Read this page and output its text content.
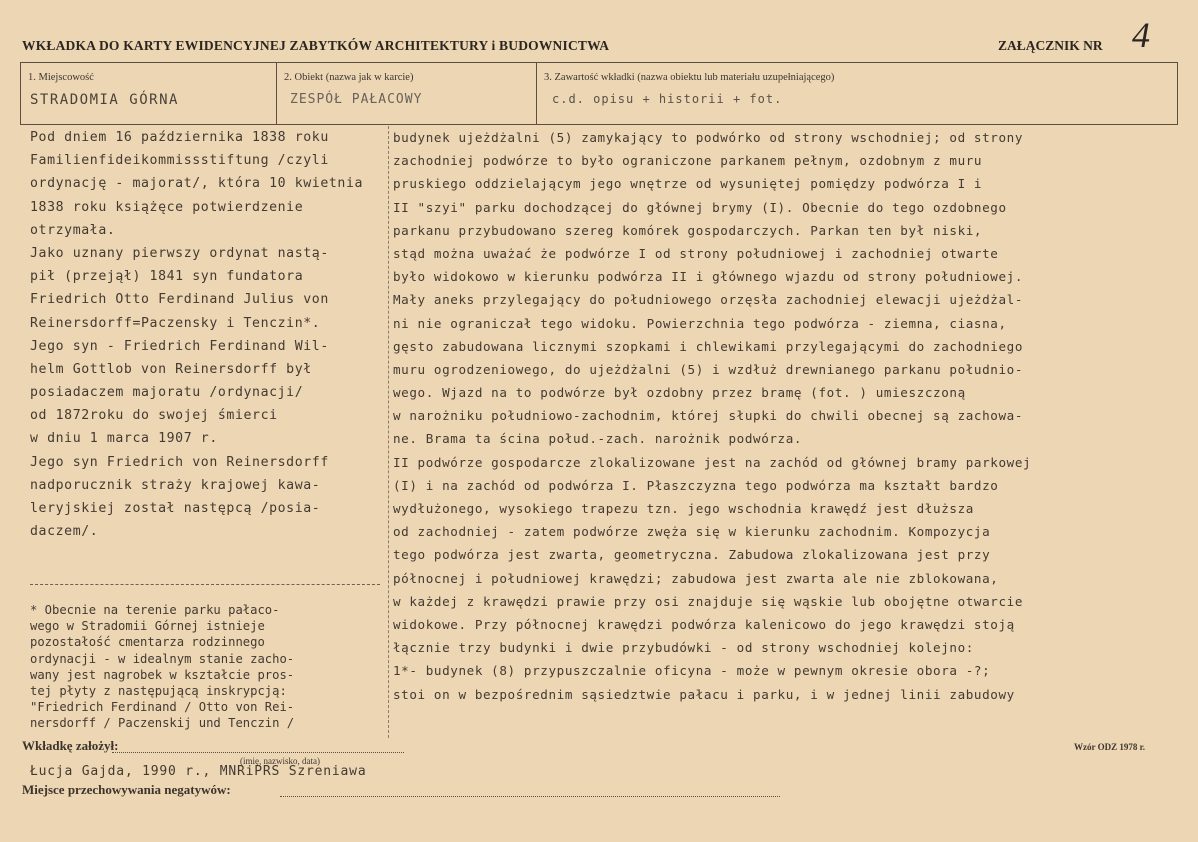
WKŁADKA DO KARTY EWIDENCYJNEJ ZABYTKÓW ARCHITEKTURY i BUDOWNICTWA	ZAŁĄCZNIK NR 4
1. Miejscowość
STRADOMIA GÓRNA
2. Obiekt (nazwa jak w karcie)
ZESPÓŁ PAŁACOWY
3. Zawartość wkładki (nazwa obiektu lub materiału uzupełniającego)
c.d. opisu + historii + fot.
Pod dniem 16 października 1838 roku
Familienfideikommissstiftung /czyli
ordynację - majorat/, która 10 kwietnia
1838 roku książęce potwierdzenie
otrzymała.
Jako uznany pierwszy ordynat nastą-
pił (przejął) 1841 syn fundatora
Friedrich Otto Ferdinand Julius von
Reinersdorff=Paczensky i Tenczin*.
Jego syn - Friedrich Ferdinand Wil-
helm Gottlob von Reinersdorff był
posiadaczem majoratu /ordynacji/
od 1872roku do swojej śmierci
w dniu 1 marca 1907 r.
Jego syn Friedrich von Reinersdorff
nadporucznik straży krajowej kawa-
leryjskiej został następcą /posia-
daczem/.
* Obecnie na terenie parku pałaco-
wego w Stradomii Górnej istnieje
pozostałość cmentarza rodzinnego
ordynacji - w idealnym stanie zacho-
wany jest nagrobek w kształcie pros-
tej płyty z następującą inskrypcją:
"Friedrich Ferdinand / Otto von Rei-
nersdorff / Paczenskij und Tenczin /
budynek ujeżdżalni (5) zamykający to podwórko od strony wschodniej; od strony
zachodniej podwórze to było ograniczone parkanem pełnym, ozdobnym z muru
pruskiego oddzielającym jego wnętrze od wysuniętej pomiędzy podwórza I i
II "szyi" parku dochodzącej do głównej brymy (I). Obecnie do tego ozdobnego
parkanu przybudowano szereg komórek gospodarczych. Parkan ten był niski,
stąd można uważać że podwórze I od strony południowej i zachodniej otwarte
było widokowo w kierunku podwórza II i głównego wjazdu od strony południowej.
Mały aneks przylegający do południowego orzęsła zachodniej elewacji ujeżdżal-
ni nie ograniczał tego widoku. Powierzchnia tego podwórza - ziemna, ciasna,
gęsto zabudowana licznymi szopkami i chlewikami przylegającymi do zachodniego
muru ogrodzeniowego, do ujeżdżalni (5) i wzdłuż drewnianego parkanu południo-
wego. Wjazd na to podwórze był ozdobny przez bramę (fot. ) umieszczoną
w narożniku południowo-zachodnim, której słupki do chwili obecnej są zachowa-
ne. Brama ta ścina połud.-zach. narożnik podwórza.
II podwórze gospodarcze zlokalizowane jest na zachód od głównej bramy parkowej
(I) i na zachód od podwórza I. Płaszczyzna tego podwórza ma kształt bardzo
wydłużonego, wysokiego trapezu tzn. jego wschodnia krawędź jest dłuższa
od zachodniej - zatem podwórze zwęża się w kierunku zachodnim. Kompozycja
tego podwórza jest zwarta, geometryczna. Zabudowa zlokalizowana jest przy
północnej i południowej krawędzi; zabudowa jest zwarta ale nie zblokowana,
w każdej z krawędzi prawie przy osi znajduje się wąskie lub obojętne otwarcie
widokowe. Przy północnej krawędzi podwórza kalenicowo do jego krawędzi stoją
łącznie trzy budynki i dwie przybudówki - od strony wschodniej kolejno:
1*- budynek (8) przypuszczalnie oficyna - może w pewnym okresie obora -?;
stoi on w bezpośrednim sąsiedztwie pałacu i parku, i w jednej linii zabudowy
Wkładkę założył:
(imię, nazwisko, data)
Wzór ODZ 1978 r.
Łucja Gajda, 1990 r., MNRiPRS Szreniawa
Miejsce przechowywania negatywów:
